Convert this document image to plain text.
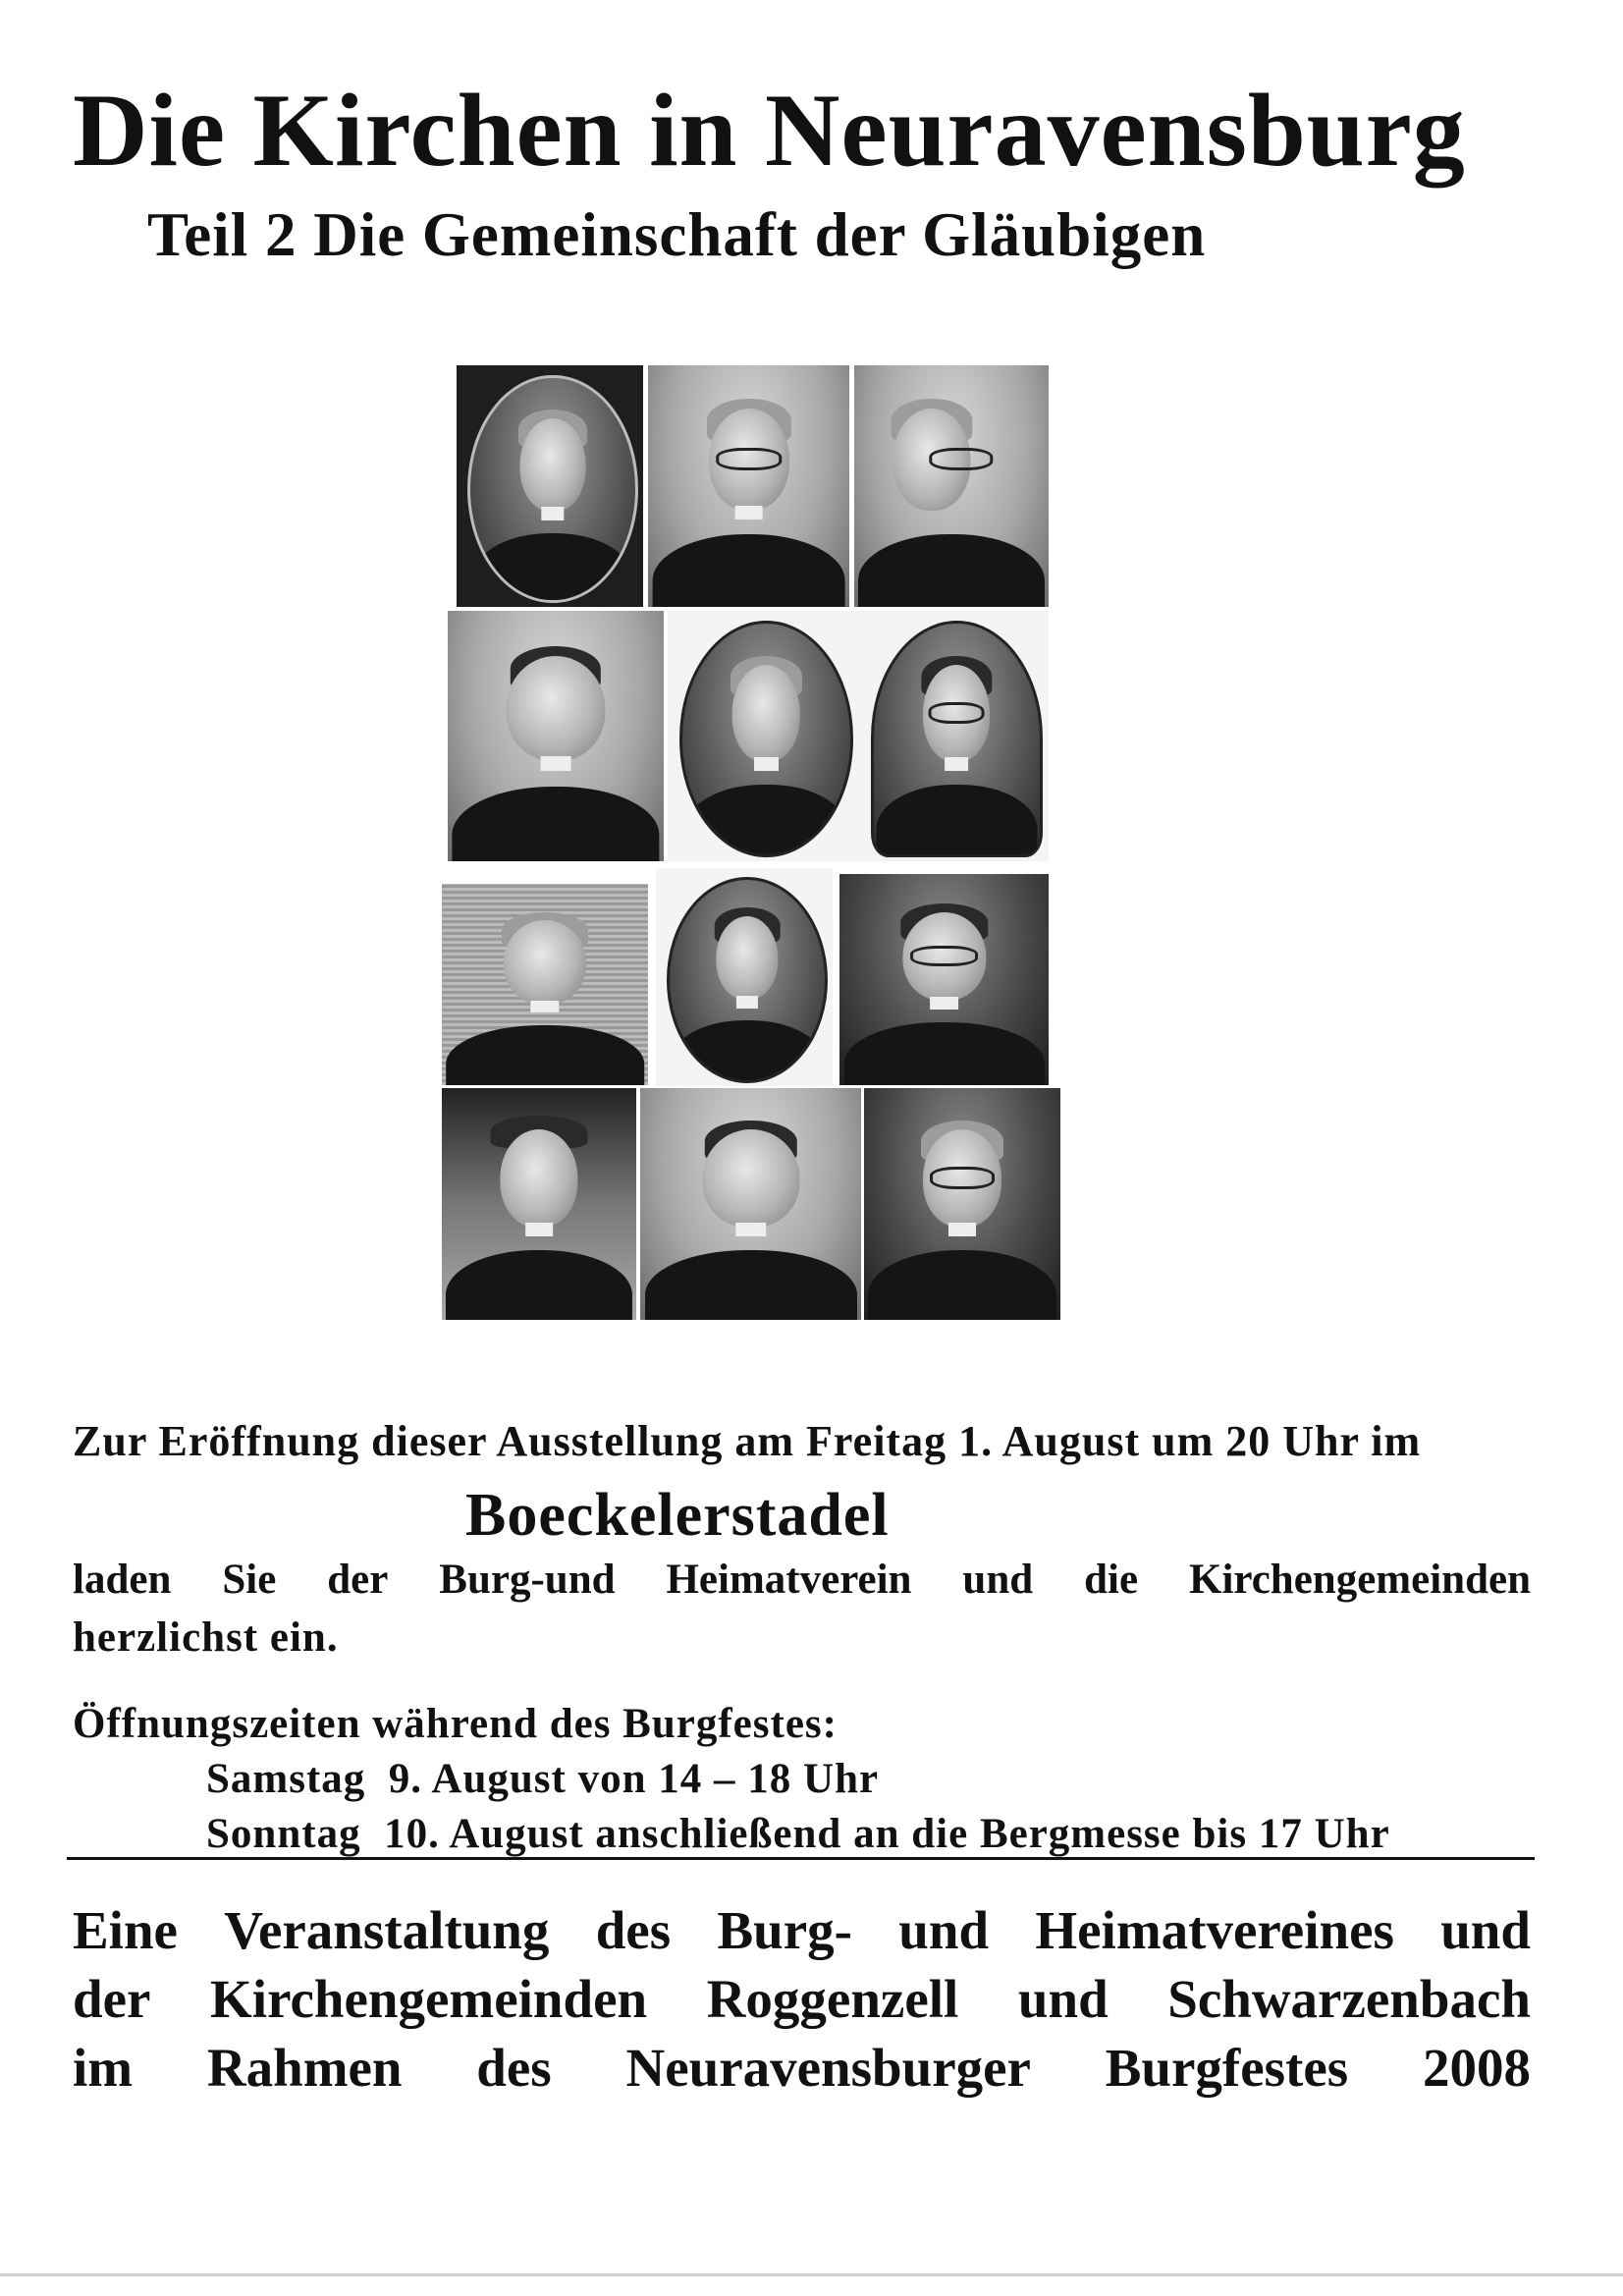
Die Kirchen in Neuravensburg
Teil 2 Die Gemeinschaft der Gläubigen
Zur Eröffnung dieser Ausstellung am Freitag 1. August um 20 Uhr im
Boeckelerstadel
laden Sie der Burg-und Heimatverein und die Kirchengemeinden
herzlichst ein.
Öffnungszeiten während des Burgfestes:
Samstag  9. August von 14 – 18 Uhr
Sonntag  10. August anschließend an die Bergmesse bis 17 Uhr
Eine Veranstaltung des Burg- und Heimatvereines und
der Kirchengemeinden Roggenzell und Schwarzenbach
im Rahmen des Neuravensburger Burgfestes 2008
